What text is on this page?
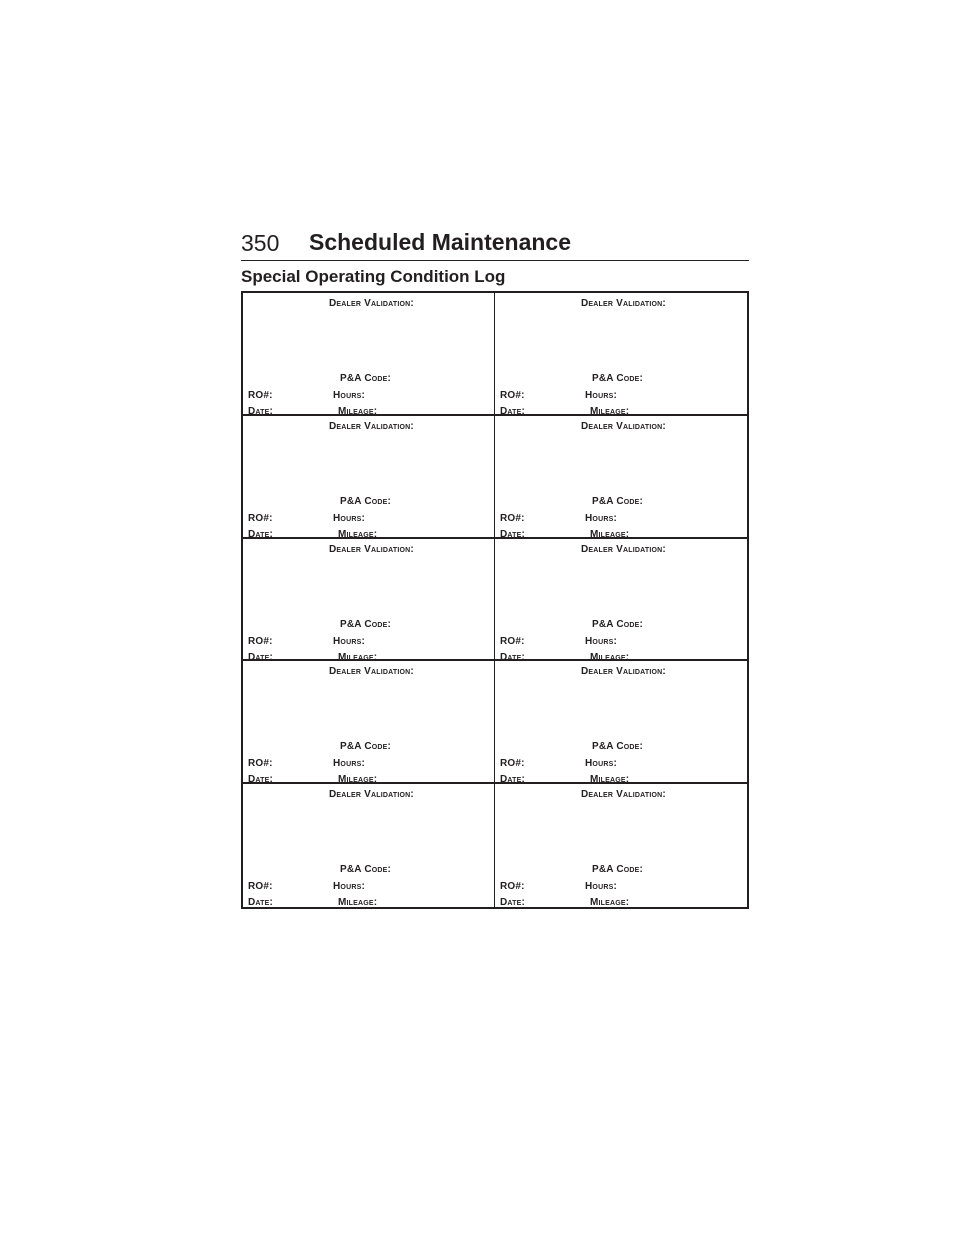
350 Scheduled Maintenance
Special Operating Condition Log
Dealer Validation:
P&A Code:
RO#:	Hours:
Date:	Mileage:
Dealer Validation:
P&A Code:
RO#:	Hours:
Date:	Mileage:
Dealer Validation:
P&A Code:
RO#:	Hours:
Date:	Mileage:
Dealer Validation:
P&A Code:
RO#:	Hours:
Date:	Mileage:
Dealer Validation:
P&A Code:
RO#:	Hours:
Date:	Mileage:
Dealer Validation:
P&A Code:
RO#:	Hours:
Date:	Mileage:
Dealer Validation:
P&A Code:
RO#:	Hours:
Date:	Mileage:
Dealer Validation:
P&A Code:
RO#:	Hours:
Date:	Mileage:
Dealer Validation:
P&A Code:
RO#:	Hours:
Date:	Mileage:
Dealer Validation:
P&A Code:
RO#:	Hours:
Date:	Mileage:
